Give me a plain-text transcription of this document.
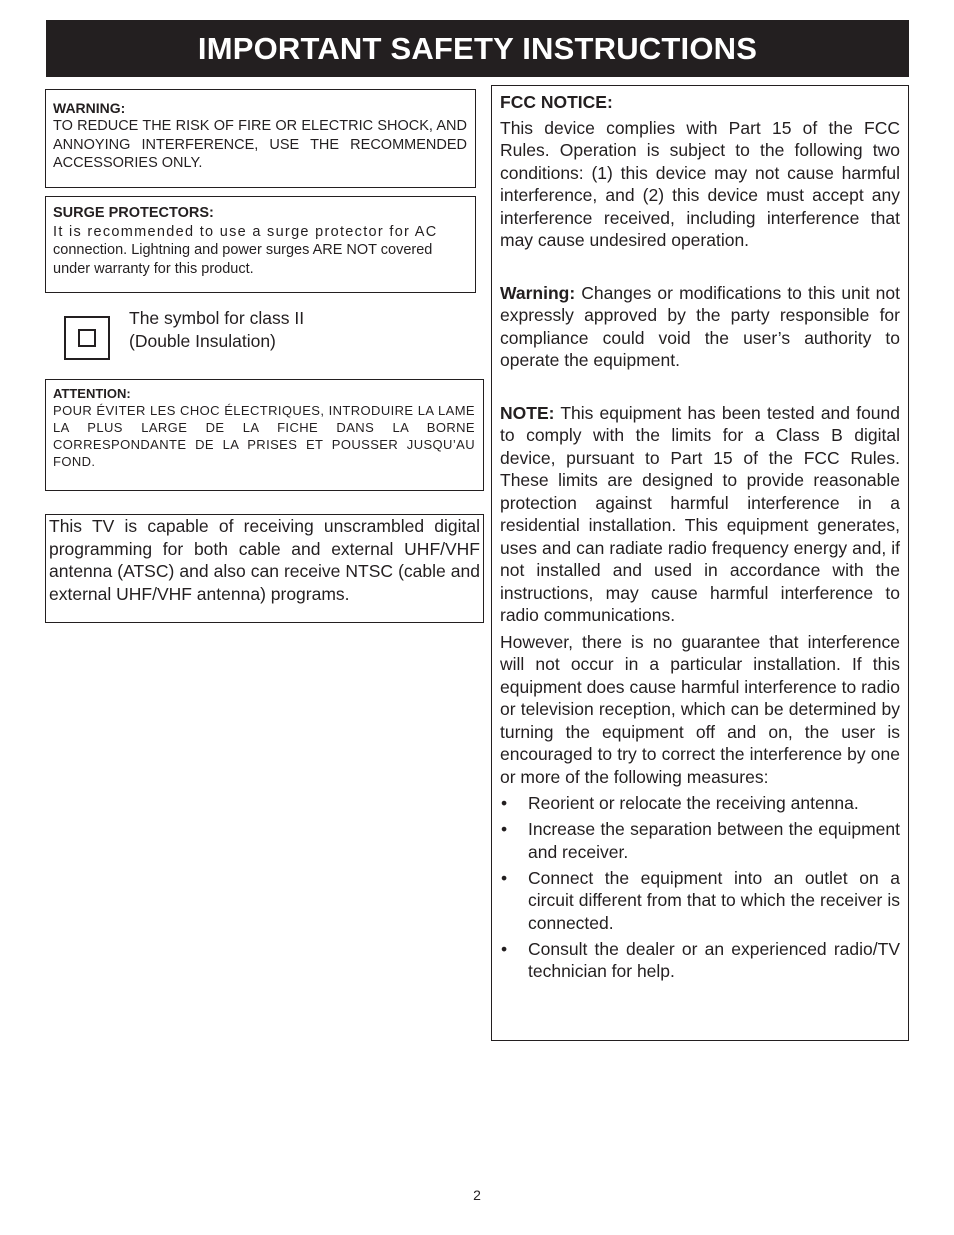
IMPORTANT SAFETY INSTRUCTIONS
WARNING:
TO REDUCE THE RISK OF FIRE OR ELECTRIC SHOCK, AND ANNOYING INTERFERENCE, USE THE RECOMMENDED ACCESSORIES ONLY.
SURGE PROTECTORS:
It is recommended to use a surge protector for AC
connection. Lightning and power surges ARE NOT covered under warranty for this product.
The symbol for class II
(Double Insulation)
ATTENTION:
POUR ÉVITER LES CHOC ÉLECTRIQUES, INTRODUIRE LA LAME LA PLUS LARGE DE LA FICHE DANS LA BORNE CORRESPONDANTE DE LA PRISES ET POUSSER JUSQU’AU FOND.

This TV is capable of receiving unscrambled digital programming for both cable and external UHF/VHF antenna (ATSC) and also can receive NTSC (cable and external UHF/VHF antenna) programs.

FCC NOTICE:

This device complies with Part 15 of the FCC Rules. Operation is subject to the following two conditions: (1) this device may not cause harmful interference, and (2) this device must accept any interference received, including interference that may cause undesired operation.

Warning: Changes or modifications to this unit not expressly approved by the party responsible for compliance could void the user’s authority to operate the equipment.

NOTE: This equipment has been tested and found to comply with the limits for a Class B digital device, pursuant to Part 15 of the FCC Rules. These limits are designed to provide reasonable protection against harmful interference in a residential installation. This equipment generates, uses and can radiate radio frequency energy and, if not installed and used in accordance with the instructions, may cause harmful interference to radio communications.

However, there is no guarantee that interference will not occur in a particular installation. If this equipment does cause harmful interference to radio or television reception, which can be determined by turning the equipment off and on, the user is encouraged to try to correct the interference by one or more of the following measures:

• Reorient or relocate the receiving antenna.
• Increase the separation between the equipment and receiver.
• Connect the equipment into an outlet on a circuit different from that to which the receiver is connected.
• Consult the dealer or an experienced radio/TV technician for help.
2
